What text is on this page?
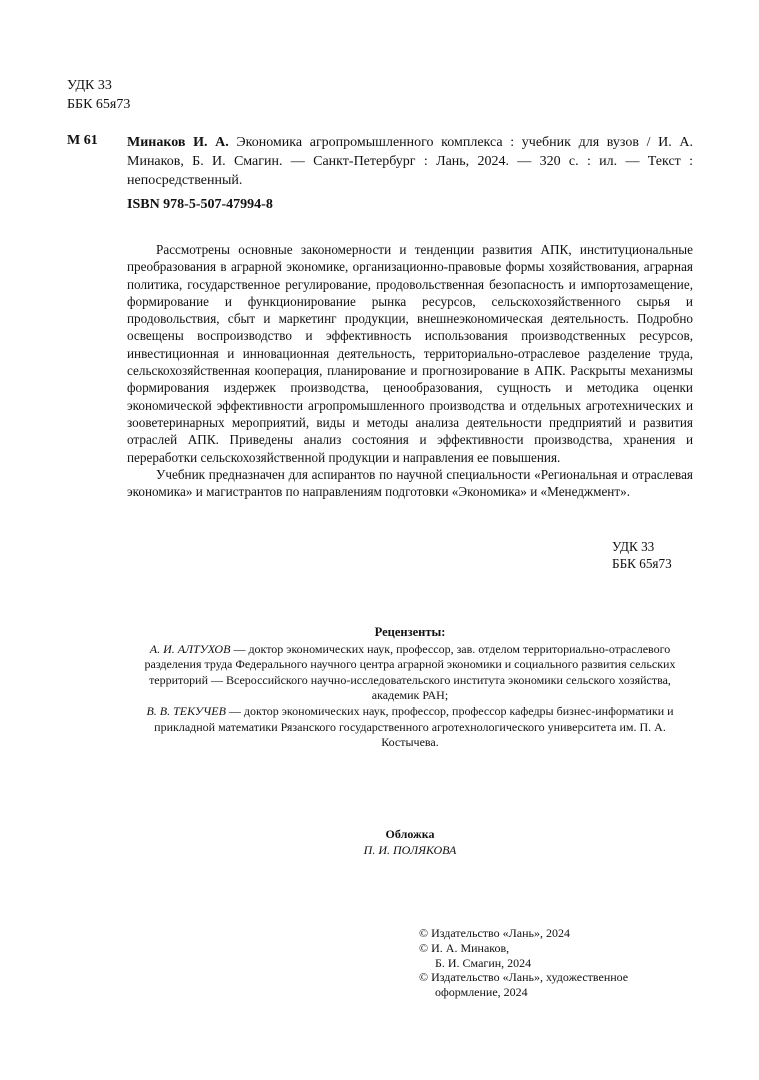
УДК 33
ББК 65я73
М 61 Минаков И. А. Экономика агропромышленного комплекса : учебник для вузов / И. А. Минаков, Б. И. Смагин. — Санкт-Петербург : Лань, 2024. — 320 с. : ил. — Текст : непосредственный.
ISBN 978-5-507-47994-8

Рассмотрены основные закономерности и тенденции развития АПК, институциональные преобразования в аграрной экономике, организационно-правовые формы хозяйствования, аграрная политика, государственное регулирование, продовольственная безопасность и импортозамещение, формирование и функционирование рынка ресурсов, сельскохозяйственного сырья и продовольствия, сбыт и маркетинг продукции, внешнеэкономическая деятельность. Подробно освещены воспроизводство и эффективность использования производственных ресурсов, инвестиционная и инновационная деятельность, территориально-отраслевое разделение труда, сельскохозяйственная кооперация, планирование и прогнозирование в АПК. Раскрыты механизмы формирования издержек производства, ценообразования, сущность и методика оценки экономической эффективности агропромышленного производства и отдельных агротехнических и зооветеринарных мероприятий, виды и методы анализа деятельности предприятий и развития отраслей АПК. Приведены анализ состояния и эффективности производства, хранения и переработки сельскохозяйственной продукции и направления ее повышения.

Учебник предназначен для аспирантов по научной специальности «Региональная и отраслевая экономика» и магистрантов по направлениям подготовки «Экономика» и «Менеджмент».

УДК 33
ББК 65я73
Рецензенты:
А. И. АЛТУХОВ — доктор экономических наук, профессор, зав. отделом территориально-отраслевого разделения труда Федерального научного центра аграрной экономики и социального развития сельских территорий — Всероссийского научно-исследовательского института экономики сельского хозяйства, академик РАН;
В. В. ТЕКУЧЕВ — доктор экономических наук, профессор, профессор кафедры бизнес-информатики и прикладной математики Рязанского государственного агротехнологического университета им. П. А. Костычева.
Обложка
П. И. ПОЛЯКОВА
© Издательство «Лань», 2024
© И. А. Минаков,
Б. И. Смагин, 2024
© Издательство «Лань», художественное
оформление, 2024
